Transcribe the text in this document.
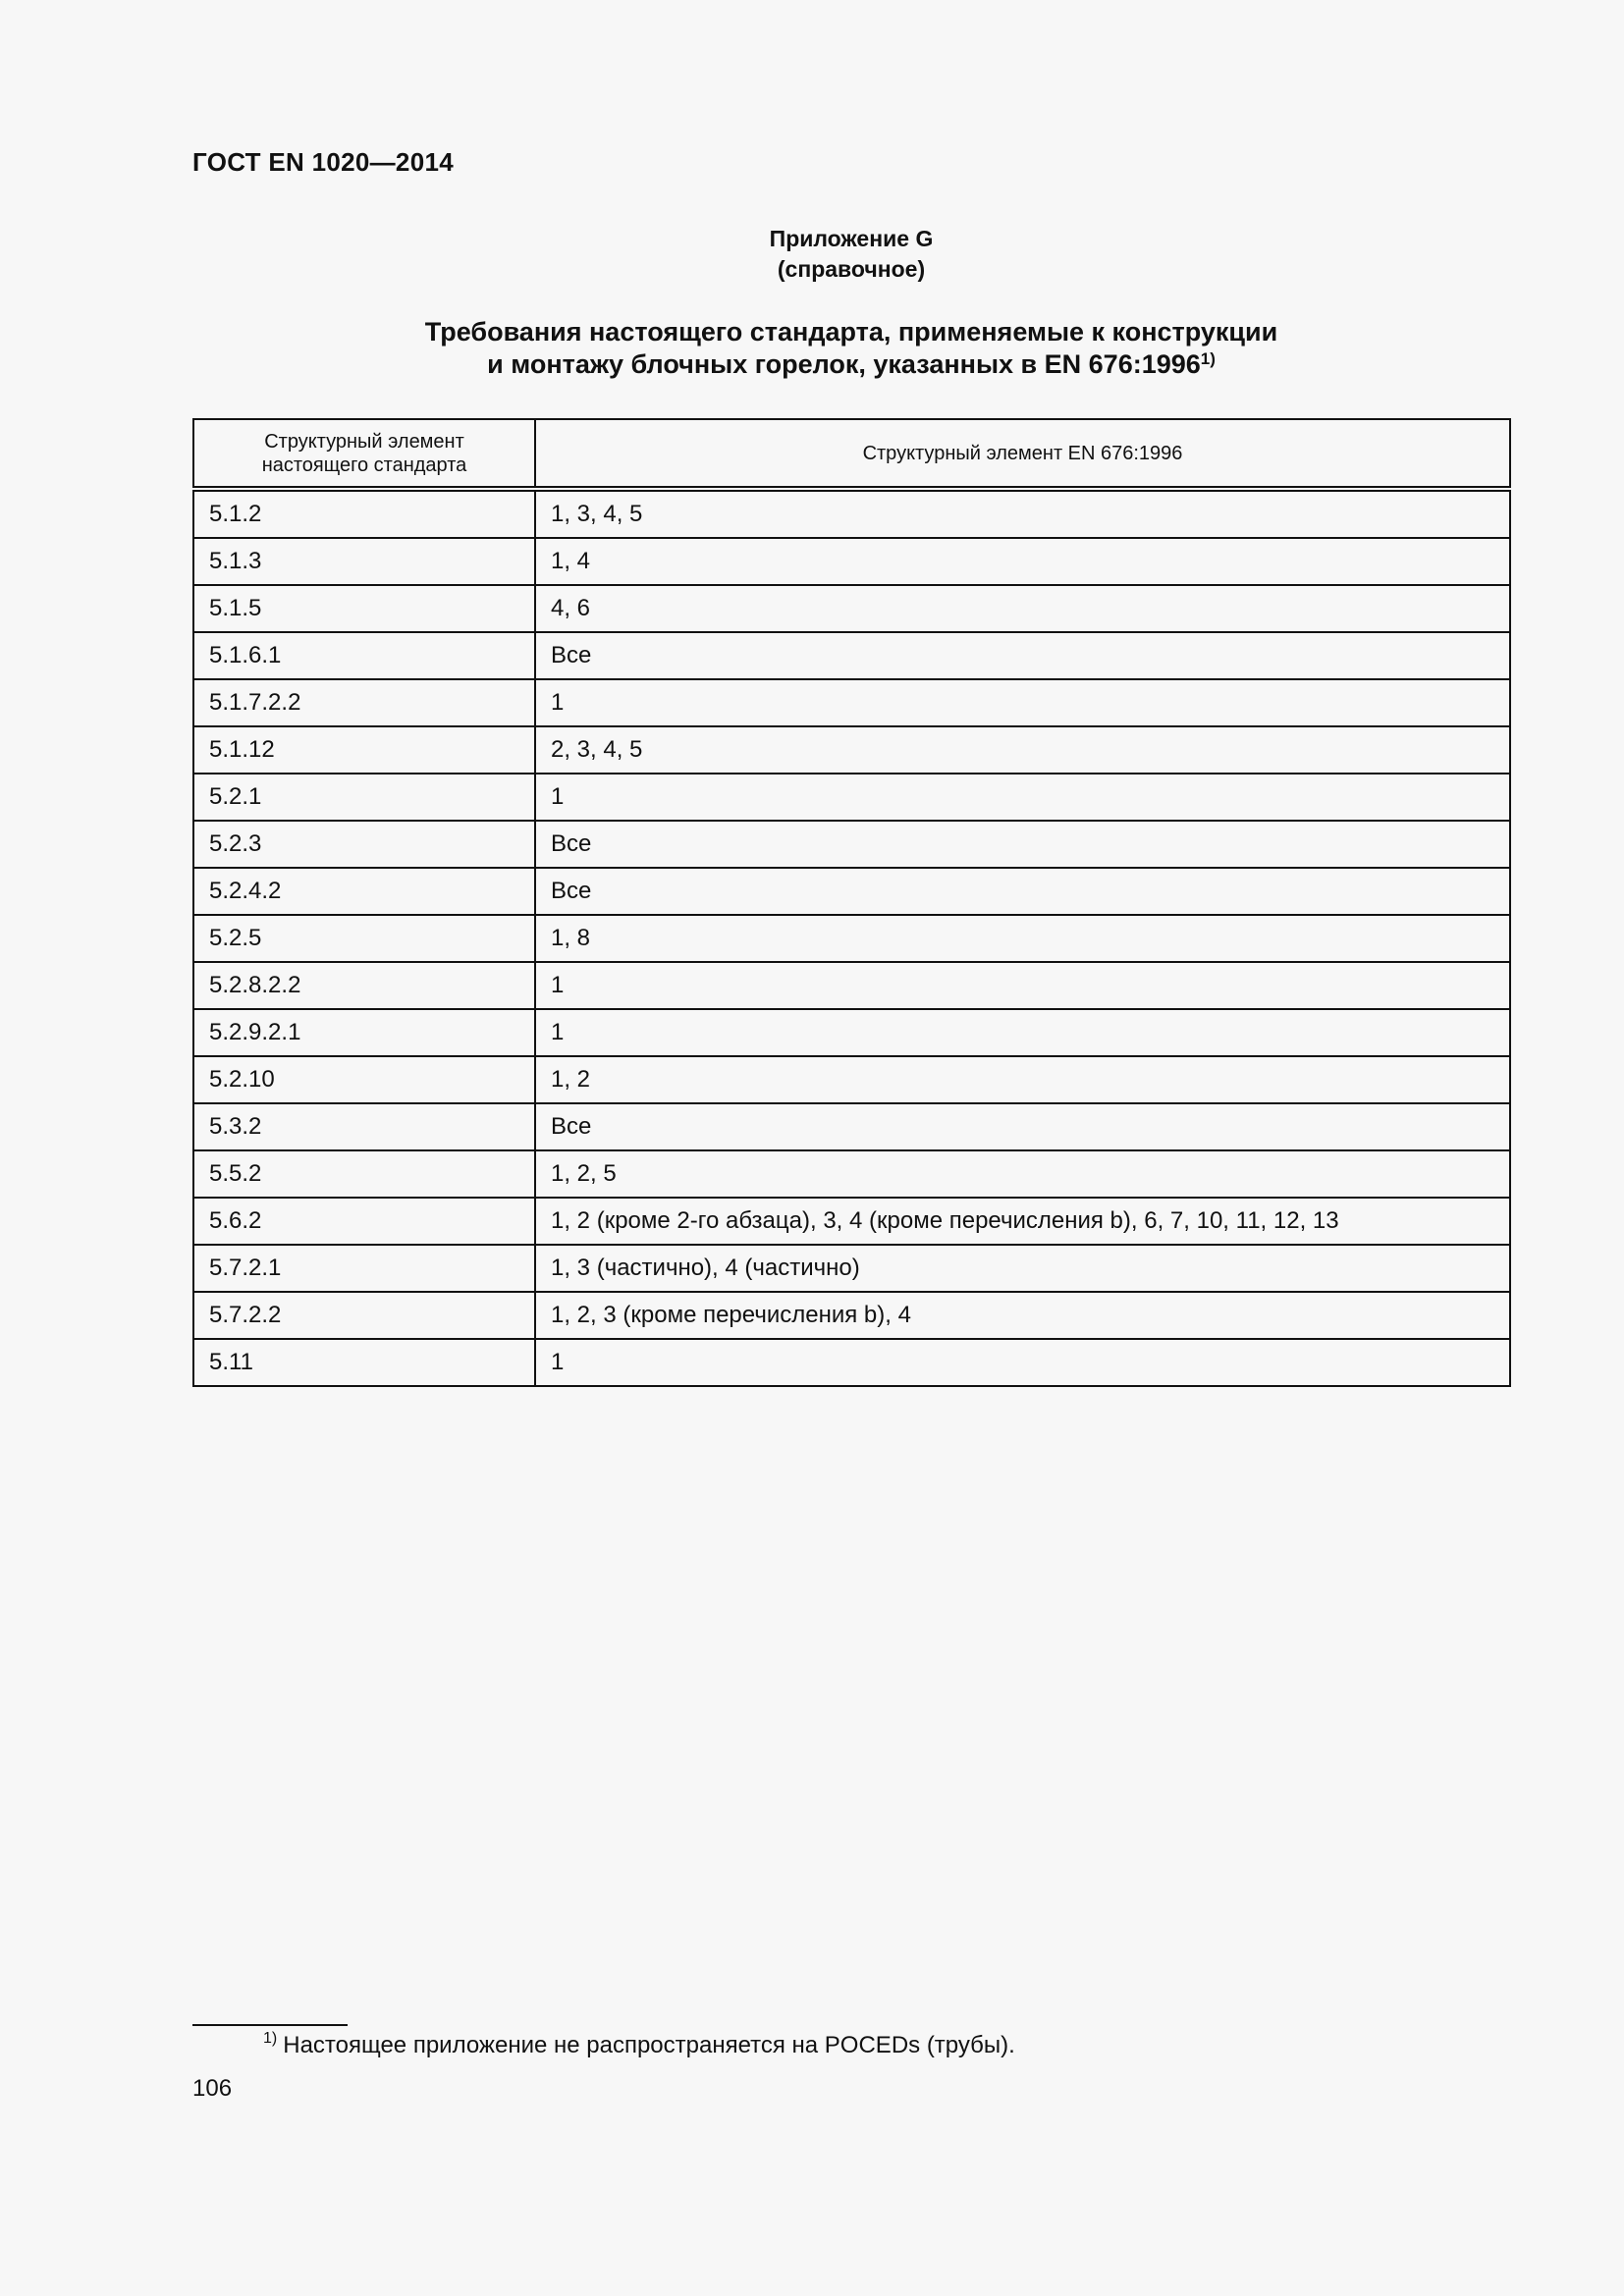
ГОСТ EN 1020—2014
Приложение G
(справочное)
Требования настоящего стандарта, применяемые к конструкции
и монтажу блочных горелок, указанных в EN 676:1996$^{1)}$
Структурный элемент
настоящего стандарта	Структурный элемент EN 676:1996
5.1.2	1, 3, 4, 5
5.1.3	1, 4
5.1.5	4, 6
5.1.6.1	Все
5.1.7.2.2	1
5.1.12	2, 3, 4, 5
5.2.1	1
5.2.3	Все
5.2.4.2	Все
5.2.5	1, 8
5.2.8.2.2	1
5.2.9.2.1	1
5.2.10	1, 2
5.3.2	Все
5.5.2	1, 2, 5
5.6.2	1, 2 (кроме 2-го абзаца), 3, 4 (кроме перечисления b), 6, 7, 10, 11, 12, 13
5.7.2.1	1, 3 (частично), 4 (частично)
5.7.2.2	1, 2, 3 (кроме перечисления b), 4
5.11	1
$^{1)}$ Настоящее приложение не распространяется на POCEDs (трубы).
106
